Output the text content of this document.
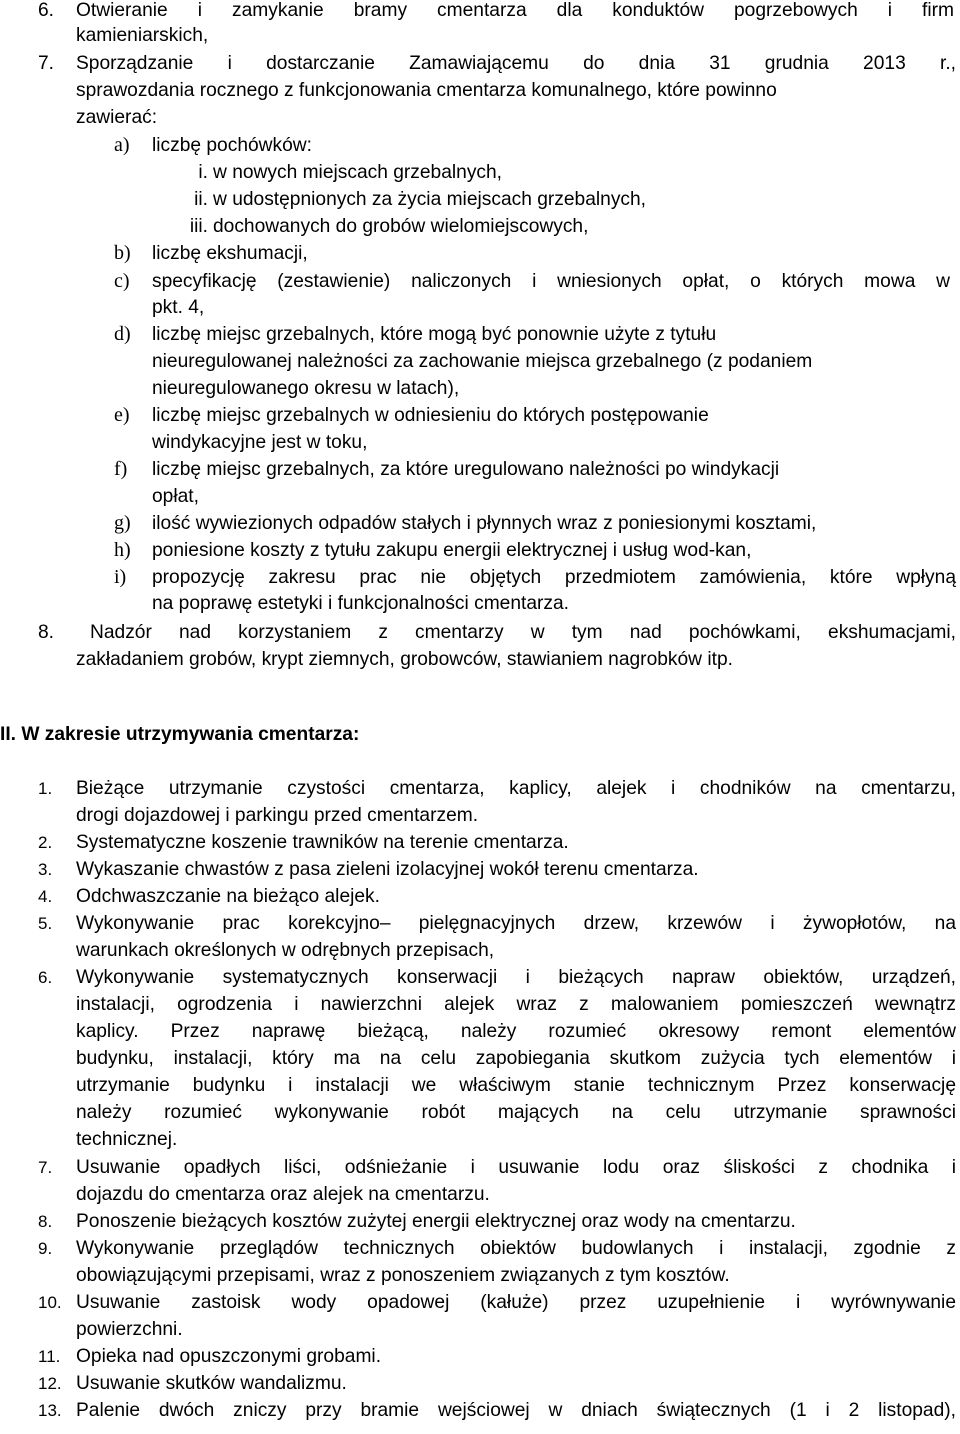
6. Otwieranie i zamykanie bramy cmentarza dla konduktów pogrzebowych i firm
kamieniarskich,
7. Sporządzanie i dostarczanie Zamawiającemu do dnia 31 grudnia 2013 r.,
sprawozdania rocznego z funkcjonowania cmentarza komunalnego, które powinno
zawierać:
a) liczbę pochówków:
i. w nowych miejscach grzebalnych,
ii. w udostępnionych za życia miejscach grzebalnych,
iii. dochowanych do grobów wielomiejscowych,
b) liczbę ekshumacji,
c) specyfikację (zestawienie) naliczonych i wniesionych opłat, o których mowa w
pkt. 4,
d) liczbę miejsc grzebalnych, które mogą być ponownie użyte z tytułu
nieuregulowanej należności za zachowanie miejsca grzebalnego (z podaniem
nieuregulowanego okresu w latach),
e) liczbę miejsc grzebalnych w odniesieniu do których postępowanie
windykacyjne jest w toku,
f) liczbę miejsc grzebalnych, za które uregulowano należności po windykacji
opłat,
g) ilość wywiezionych odpadów stałych i płynnych wraz z poniesionymi kosztami,
h) poniesione koszty z tytułu zakupu energii elektrycznej i usług wod-kan,
i) propozycję zakresu prac nie objętych przedmiotem zamówienia, które wpłyną
na poprawę estetyki i funkcjonalności cmentarza.
8. Nadzór nad korzystaniem z cmentarzy w tym nad pochówkami, ekshumacjami,
zakładaniem grobów, krypt ziemnych, grobowców, stawianiem nagrobków itp.
II. W zakresie utrzymywania cmentarza:
1. Bieżące utrzymanie czystości cmentarza, kaplicy, alejek i chodników na cmentarzu,
drogi dojazdowej i parkingu przed cmentarzem.
2. Systematyczne koszenie trawników na terenie cmentarza.
3. Wykaszanie chwastów z pasa zieleni izolacyjnej wokół terenu cmentarza.
4. Odchwaszczanie na bieżąco alejek.
5. Wykonywanie prac korekcyjno– pielęgnacyjnych drzew, krzewów i żywopłotów, na
warunkach określonych w odrębnych przepisach,
6. Wykonywanie systematycznych konserwacji i bieżących napraw obiektów, urządzeń,
instalacji, ogrodzenia i nawierzchni alejek wraz z malowaniem pomieszczeń wewnątrz
kaplicy. Przez naprawę bieżącą, należy rozumieć okresowy remont elementów
budynku, instalacji, który ma na celu zapobiegania skutkom zużycia tych elementów i
utrzymanie budynku i instalacji we właściwym stanie technicznym Przez konserwację
należy rozumieć wykonywanie robót mających na celu utrzymanie sprawności
technicznej.
7. Usuwanie opadłych liści, odśnieżanie i usuwanie lodu oraz śliskości z chodnika i
dojazdu do cmentarza oraz alejek na cmentarzu.
8. Ponoszenie bieżących kosztów zużytej energii elektrycznej oraz wody na cmentarzu.
9. Wykonywanie przeglądów technicznych obiektów budowlanych i instalacji, zgodnie z
obowiązującymi przepisami, wraz z ponoszeniem związanych z tym kosztów.
10. Usuwanie zastoisk wody opadowej (kałuże) przez uzupełnienie i wyrównywanie
powierzchni.
11. Opieka nad opuszczonymi grobami.
12. Usuwanie skutków wandalizmu.
13. Palenie dwóch zniczy przy bramie wejściowej w dniach świątecznych (1 i 2 listopad),
